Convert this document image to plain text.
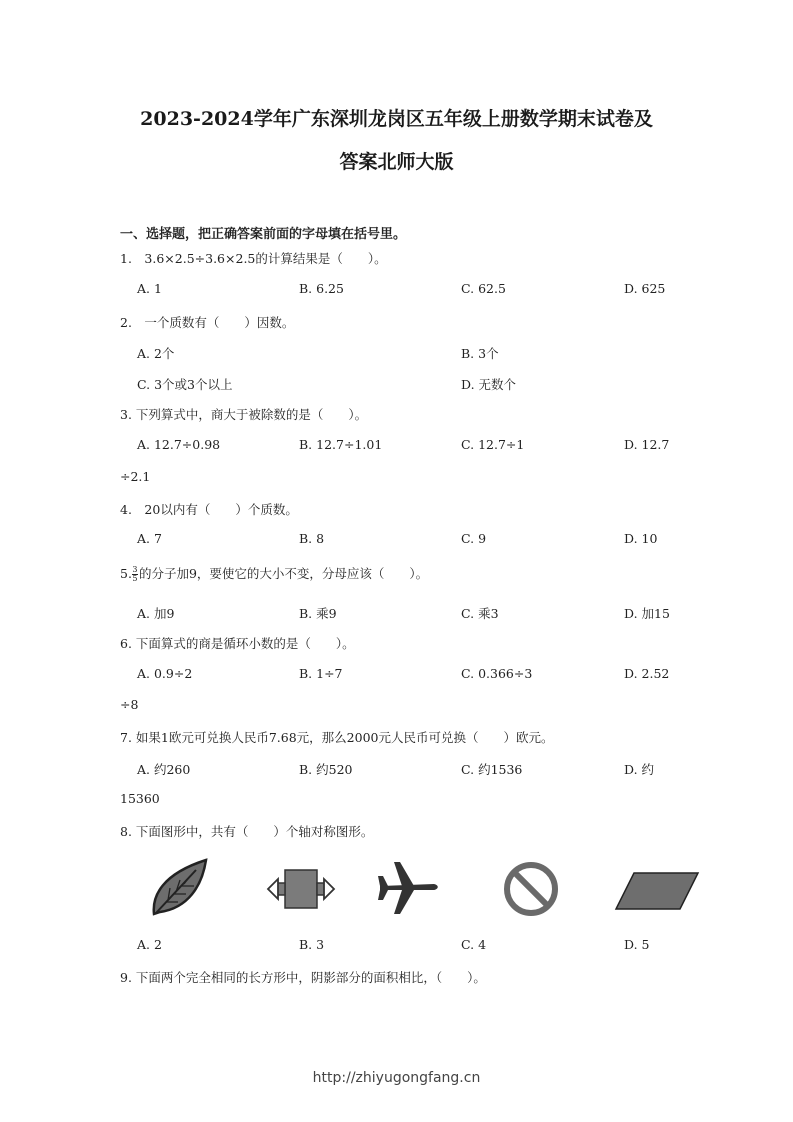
2023-2024学年广东深圳龙岗区五年级上册数学期末试卷及
答案北师大版
一、选择题，把正确答案前面的字母填在括号里。
1.　3.6×2.5÷3.6×2.5的计算结果是（　　）。
A. 1	B. 6.25	C. 62.5	D. 625
2.　一个质数有（　　）因数。
A. 2个	B. 3个
C. 3个或3个以上	D. 无数个
3. 下列算式中，商大于被除数的是（　　）。
A. 12.7÷0.98	B. 12.7÷1.01	C. 12.7÷1	D. 12.7
÷2.1
4.　20以内有（　　）个质数。
A. 7	B. 8	C. 9	D. 10
5. $\frac{3}{5}$ 的分子加9，要使它的大小不变，分母应该（　　）。
A. 加9	B. 乘9	C. 乘3	D. 加15
6. 下面算式的商是循环小数的是（　　）。
A. 0.9÷2	B. 1÷7	C. 0.366÷3	D. 2.52
÷8
7. 如果1欧元可兑换人民币7.68元，那么2000元人民币可兑换（　　）欧元。
A. 约260	B. 约520	C. 约1536	D. 约
15360
8. 下面图形中，共有（　　）个轴对称图形。
A. 2	B. 3	C. 4	D. 5
9. 下面两个完全相同的长方形中，阴影部分的面积相比，（　　）。
http://zhiyugongfang.cn
